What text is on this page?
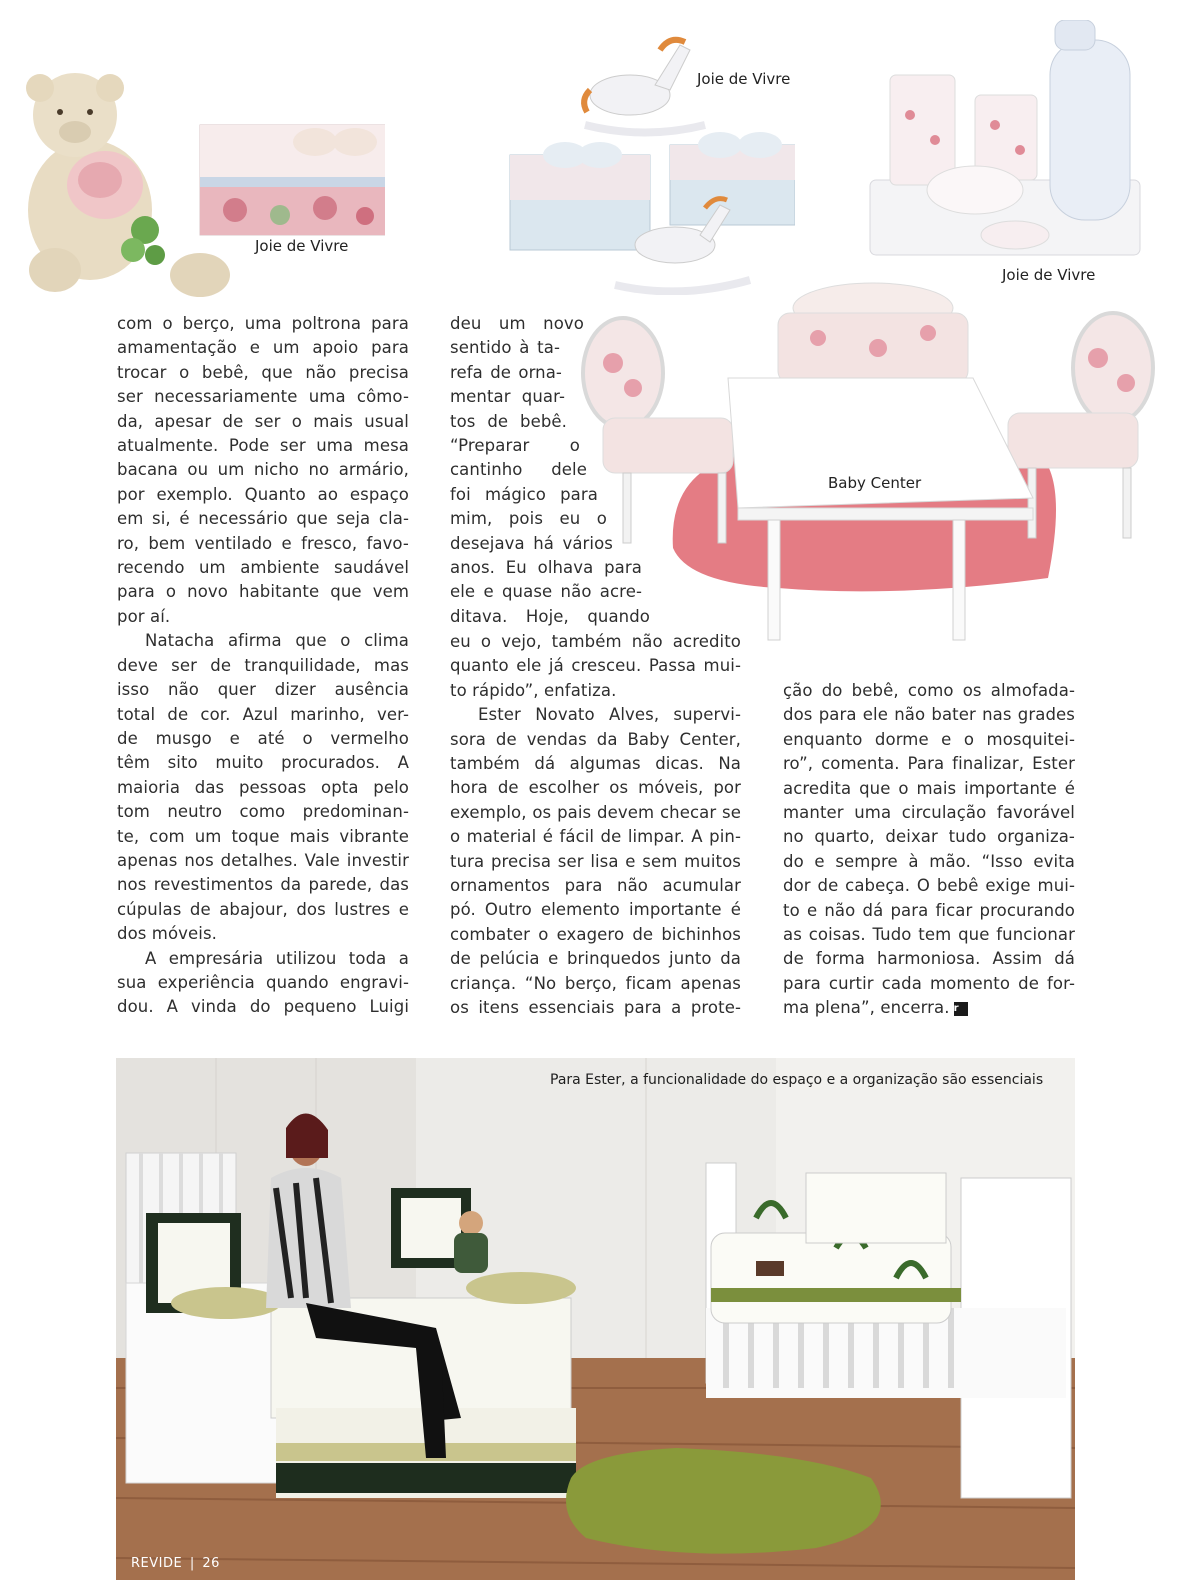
Joie de Vivre
Joie de Vivre
Joie de Vivre
Baby Center
com o berço, uma poltrona para
amamentação e um apoio para
trocar o bebê, que não precisa
ser necessariamente uma cômo-
da, apesar de ser o mais usual
atualmente. Pode ser uma mesa
bacana ou um nicho no armário,
por exemplo. Quanto ao espaço
em si, é necessário que seja cla-
ro, bem ventilado e fresco, favo-
recendo um ambiente saudável
para o novo habitante que vem
por aí.
Natacha afirma que o clima
deve ser de tranquilidade, mas
isso não quer dizer ausência
total de cor. Azul marinho, ver-
de musgo e até o vermelho
têm sito muito procurados. A
maioria das pessoas opta pelo
tom neutro como predominan-
te, com um toque mais vibrante
apenas nos detalhes. Vale investir
nos revestimentos da parede, das
cúpulas de abajour, dos lustres e
dos móveis.
A empresária utilizou toda a
sua experiência quando engravi-
dou. A vinda do pequeno Luigi
deu um novo
sentido à ta-
refa de orna-
mentar quar-
tos de bebê.
“Preparar o
cantinho dele
foi mágico para
mim, pois eu o
desejava há vários
anos. Eu olhava para
ele e quase não acre-
ditava. Hoje, quando
eu o vejo, também não acredito
quanto ele já cresceu. Passa mui-
to rápido”, enfatiza.
Ester Novato Alves, supervi-
sora de vendas da Baby Center,
também dá algumas dicas. Na
hora de escolher os móveis, por
exemplo, os pais devem checar se
o material é fácil de limpar. A pin-
tura precisa ser lisa e sem muitos
ornamentos para não acumular
pó. Outro elemento importante é
combater o exagero de bichinhos
de pelúcia e brinquedos junto da
criança. “No berço, ficam apenas
os itens essenciais para a prote-
ção do bebê, como os almofada-
dos para ele não bater nas grades
enquanto dorme e o mosquitei-
ro”, comenta. Para finalizar, Ester
acredita que o mais importante é
manter uma circulação favorável
no quarto, deixar tudo organiza-
do e sempre à mão. “Isso evita
dor de cabeça. O bebê exige mui-
to e não dá para ficar procurando
as coisas. Tudo tem que funcionar
de forma harmoniosa. Assim dá
para curtir cada momento de for-
ma plena”, encerra. r
Para Ester, a funcionalidade do espaço e a organização são essenciais
REVIDE | 26
